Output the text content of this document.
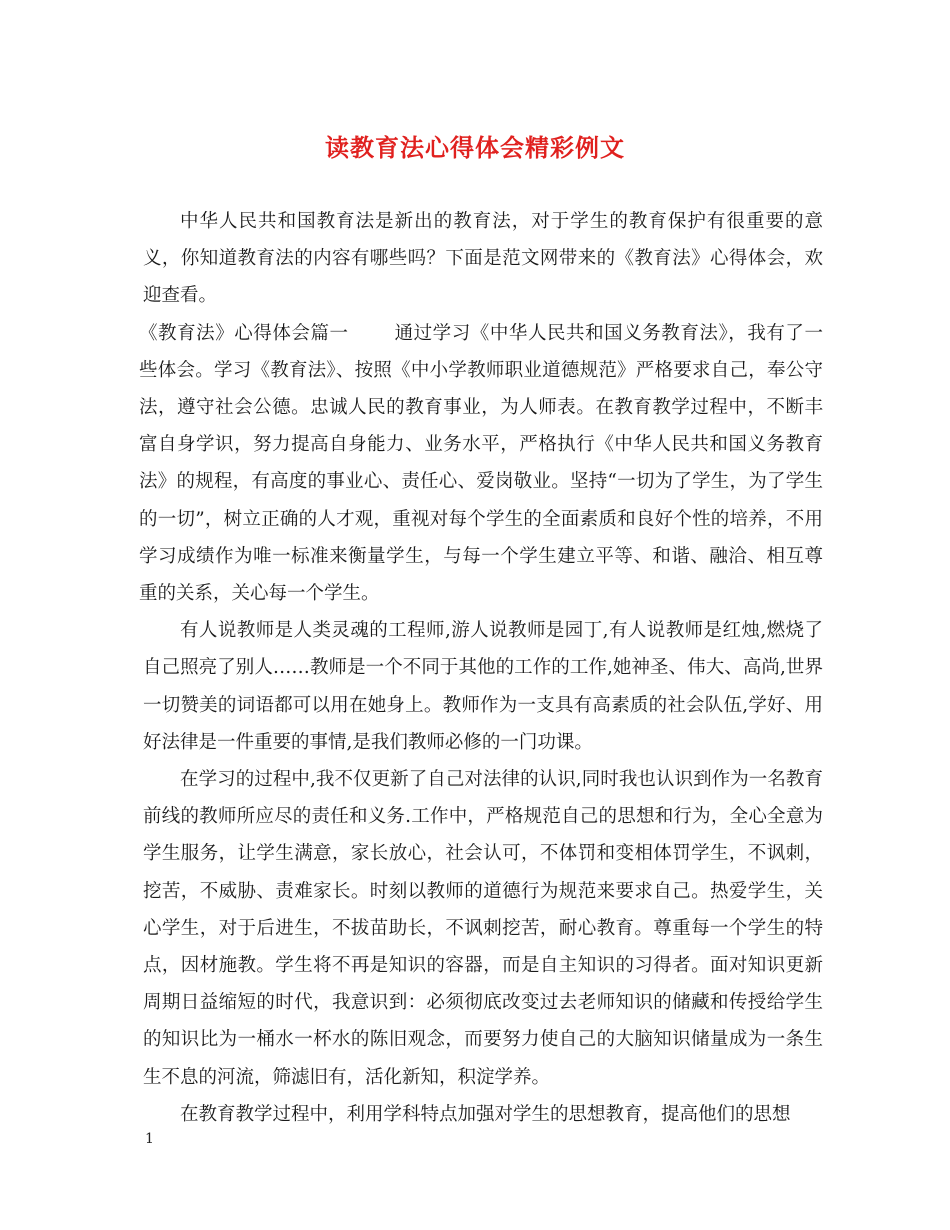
读教育法心得体会精彩例文

中华人民共和国教育法是新出的教育法，对于学生的教育保护有很重要的意义，你知道教育法的内容有哪些吗？下面是范文网带来的《教育法》心得体会，欢迎查看。

《教育法》心得体会篇一 通过学习《中华人民共和国义务教育法》，我有了一些体会。学习《教育法》、按照《中小学教师职业道德规范》严格要求自己，奉公守法，遵守社会公德。忠诚人民的教育事业，为人师表。在教育教学过程中，不断丰富自身学识，努力提高自身能力、业务水平，严格执行《中华人民共和国义务教育法》的规程，有高度的事业心、责任心、爱岗敬业。坚持“一切为了学生，为了学生的一切”，树立正确的人才观，重视对每个学生的全面素质和良好个性的培养，不用学习成绩作为唯一标准来衡量学生，与每一个学生建立平等、和谐、融洽、相互尊重的关系，关心每一个学生。

有人说教师是人类灵魂的工程师,游人说教师是园丁,有人说教师是红烛,燃烧了自己照亮了别人……教师是一个不同于其他的工作的工作,她神圣、伟大、高尚,世界一切赞美的词语都可以用在她身上。教师作为一支具有高素质的社会队伍,学好、用好法律是一件重要的事情,是我们教师必修的一门功课。

在学习的过程中,我不仅更新了自己对法律的认识,同时我也认识到作为一名教育前线的教师所应尽的责任和义务.工作中，严格规范自己的思想和行为，全心全意为学生服务，让学生满意，家长放心，社会认可，不体罚和变相体罚学生，不讽刺，挖苦，不威胁、责难家长。时刻以教师的道德行为规范来要求自己。热爱学生，关心学生，对于后进生，不拔苗助长，不讽刺挖苦，耐心教育。尊重每一个学生的特点，因材施教。学生将不再是知识的容器，而是自主知识的习得者。面对知识更新周期日益缩短的时代，我意识到：必须彻底改变过去老师知识的储藏和传授给学生的知识比为一桶水一杯水的陈旧观念，而要努力使自己的大脑知识储量成为一条生生不息的河流，筛滤旧有，活化新知，积淀学养。

在教育教学过程中，利用学科特点加强对学生的思想教育，提高他们的思想

1
